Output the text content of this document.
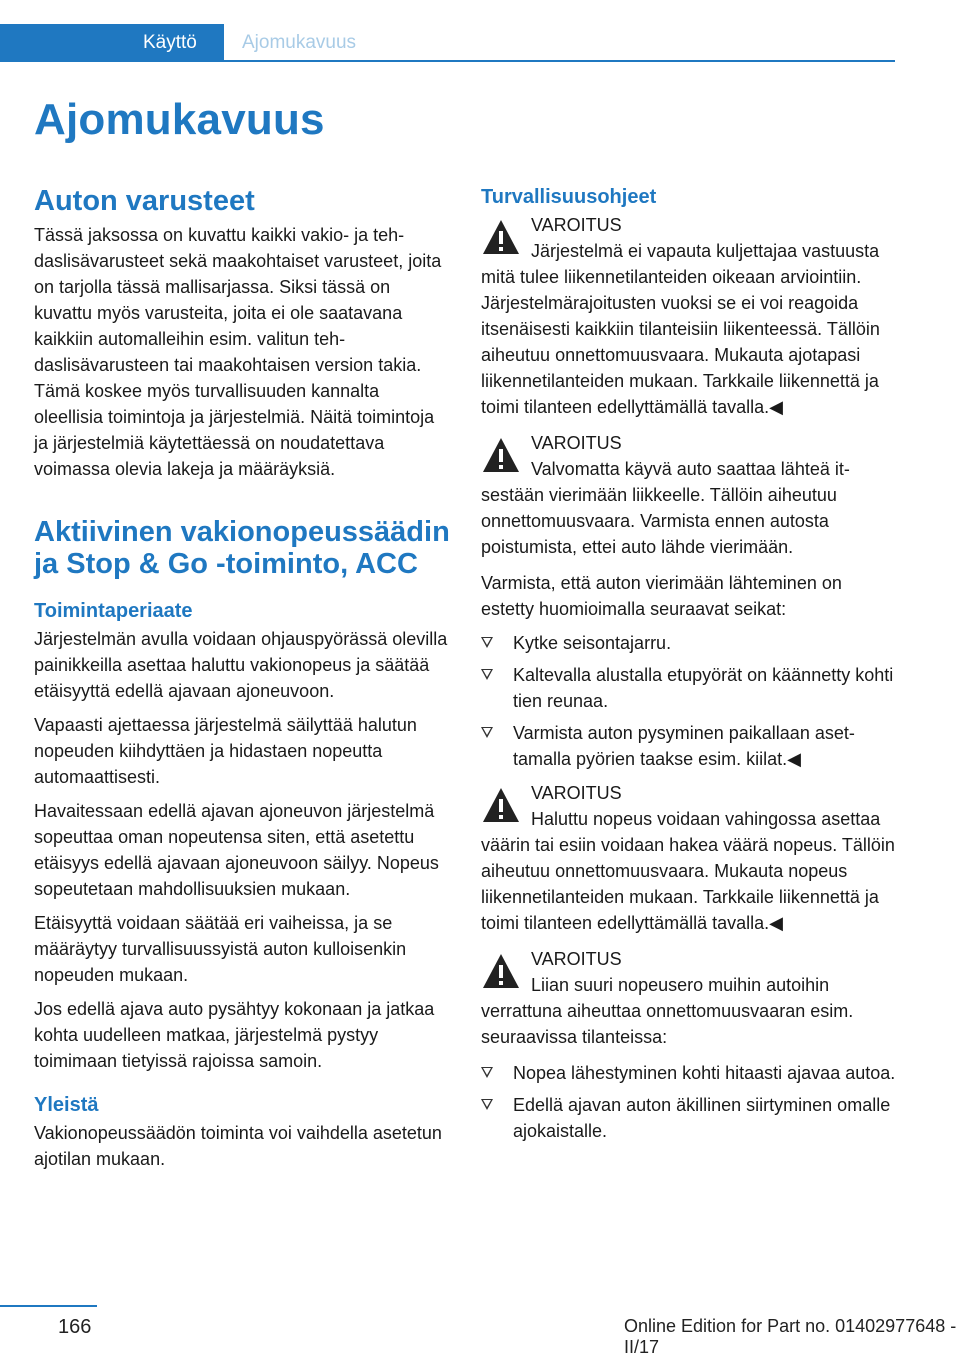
Käyttö	Ajomukavuus
Ajomukavuus
Auton varusteet

Tässä jaksossa on kuvattu kaikki vakio- ja tehdaslisävarusteet sekä maakohtaiset varusteet, joita on tarjolla tässä mallisarjassa. Siksi tässä on kuvattu myös varusteita, joita ei ole saatavana kaikkiin automalleihin esim. valitun tehdaslisävarusteen tai maakohtaisen version takia. Tämä koskee myös turvallisuuden kannalta oleellisia toimintoja ja järjestelmiä. Näitä toimintoja ja järjestelmiä käytettäessä on noudatettava voimassa olevia lakeja ja määräyksiä.

Aktiivinen vakionopeussäädin ja Stop & Go -toiminto, ACC
Toimintaperiaate

Järjestelmän avulla voidaan ohjauspyörässä olevilla painikkeilla asettaa haluttu vakionopeus ja säätää etäisyyttä edellä ajavaan ajoneuvoon.

Vapaasti ajettaessa järjestelmä säilyttää halutun nopeuden kiihdyttäen ja hidastaen nopeutta automaattisesti.

Havaitessaan edellä ajavan ajoneuvon järjestelmä sopeuttaa oman nopeutensa siten, että asetettu etäisyys edellä ajavaan ajoneuvoon säilyy. Nopeus sopeutetaan mahdollisuuksien mukaan.

Etäisyyttä voidaan säätää eri vaiheissa, ja se määräytyy turvallisuussyistä auton kulloisenkin nopeuden mukaan.

Jos edellä ajava auto pysähtyy kokonaan ja jatkaa kohta uudelleen matkaa, järjestelmä pystyy toimimaan tietyissä rajoissa samoin.

Yleistä

Vakionopeussäädön toiminta voi vaihdella asetetun ajotilan mukaan.

Turvallisuusohjeet
VAROITUS
Järjestelmä ei vapauta kuljettajaa vastuusta mitä tulee liikennetilanteiden oikeaan arviointiin. Järjestelmärajoitusten vuoksi se ei voi reagoida itsenäisesti kaikkiin tilanteisiin liikenteessä. Tällöin aiheutuu onnettomuusvaara. Mukauta ajotapasi liikennetilanteiden mukaan. Tarkkaile liikennettä ja toimi tilanteen edellyttämällä tavalla.◀
VAROITUS
Valvomatta käyvä auto saattaa lähteä itsestään vierimään liikkeelle. Tällöin aiheutuu onnettomuusvaara. Varmista ennen autosta poistumista, ettei auto lähde vierimään.

Varmista, että auton vierimään lähteminen on estetty huomioimalla seuraavat seikat:

Kytke seisontajarru.
Kaltevalla alustalla etupyörät on käännetty kohti tien reunaa.
Varmista auton pysyminen paikallaan asettamalla pyörien taakse esim. kiilat.◀
VAROITUS
Haluttu nopeus voidaan vahingossa asettaa väärin tai esiin voidaan hakea väärä nopeus. Tällöin aiheutuu onnettomuusvaara. Mukauta nopeus liikennetilanteiden mukaan. Tarkkaile liikennettä ja toimi tilanteen edellyttämällä tavalla.◀
VAROITUS
Liian suuri nopeusero muihin autoihin verrattuna aiheuttaa onnettomuusvaaran esim. seuraavissa tilanteissa:
Nopea lähestyminen kohti hitaasti ajavaa autoa.
Edellä ajavan auton äkillinen siirtyminen omalle ajokaistalle.
166	Online Edition for Part no. 01402977648 - II/17
